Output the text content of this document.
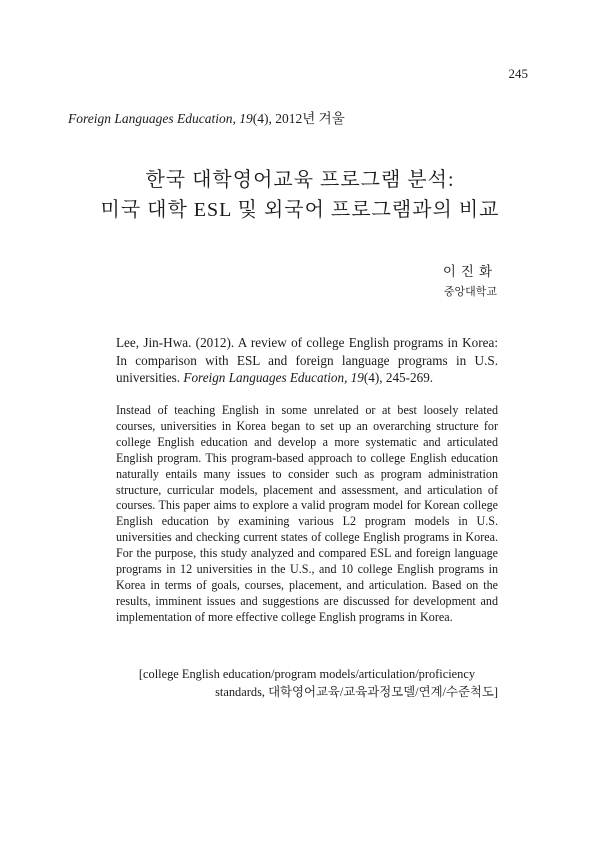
245
Foreign Languages Education, 19(4), 2012년 겨울
한국 대학영어교육 프로그램 분석:
미국 대학 ESL 및 외국어 프로그램과의 비교
이진화
중앙대학교
Lee, Jin-Hwa. (2012). A review of college English programs in Korea: In comparison with ESL and foreign language programs in U.S. universities. Foreign Languages Education, 19(4), 245-269.
Instead of teaching English in some unrelated or at best loosely related courses, universities in Korea began to set up an overarching structure for college English education and develop a more systematic and articulated English program. This program-based approach to college English education naturally entails many issues to consider such as program administration structure, curricular models, placement and assessment, and articulation of courses. This paper aims to explore a valid program model for Korean college English education by examining various L2 program models in U.S. universities and checking current states of college English programs in Korea. For the purpose, this study analyzed and compared ESL and foreign language programs in 12 universities in the U.S., and 10 college English programs in Korea in terms of goals, courses, placement, and articulation. Based on the results, imminent issues and suggestions are discussed for development and implementation of more effective college English programs in Korea.
[college English education/program models/articulation/proficiency
standards, 대학영어교육/교육과정모델/연계/수준척도]
